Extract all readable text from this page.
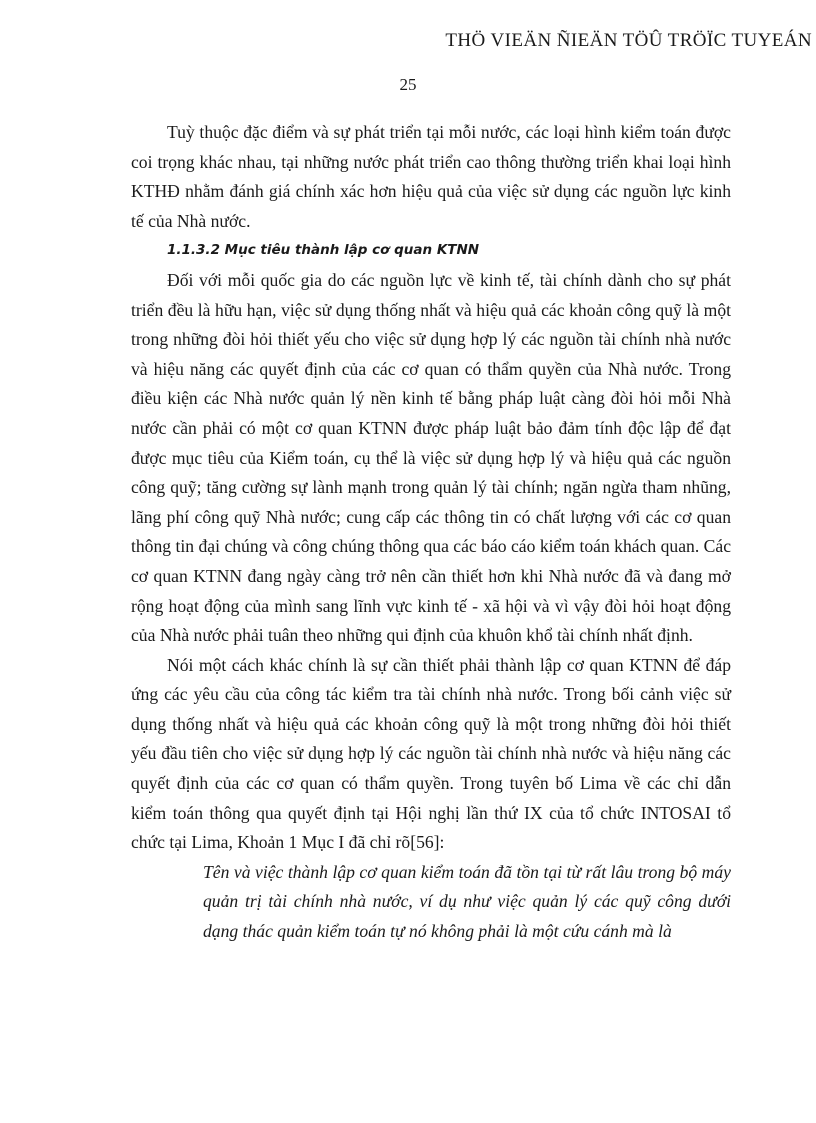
THÖ VIEÄN ÑIEÄN TÖÛ TRÖÏC TUYEÁN
25

Tuỳ thuộc đặc điểm và sự phát triển tại mỗi nước, các loại hình kiểm toán được coi trọng khác nhau, tại những nước phát triển cao thông thường triển khai loại hình KTHĐ nhằm đánh giá chính xác hơn hiệu quả của việc sử dụng các nguồn lực kinh tế của Nhà nước.

1.1.3.2 Mục tiêu thành lập cơ quan KTNN

Đối với mỗi quốc gia do các nguồn lực về kinh tế, tài chính dành cho sự phát triển đều là hữu hạn, việc sử dụng thống nhất và hiệu quả các khoản công quỹ là một trong những đòi hỏi thiết yếu cho việc sử dụng hợp lý các nguồn tài chính nhà nước và hiệu năng các quyết định của các cơ quan có thẩm quyền của Nhà nước. Trong điều kiện các Nhà nước quản lý nền kinh tế bằng pháp luật càng đòi hỏi mỗi Nhà nước cần phải có một cơ quan KTNN được pháp luật bảo đảm tính độc lập để đạt được mục tiêu của Kiểm toán, cụ thể là việc sử dụng hợp lý và hiệu quả các nguồn công quỹ; tăng cường sự lành mạnh trong quản lý tài chính; ngăn ngừa tham nhũng, lãng phí công quỹ Nhà nước; cung cấp các thông tin có chất lượng với các cơ quan thông tin đại chúng và công chúng thông qua các báo cáo kiểm toán khách quan. Các cơ quan KTNN đang ngày càng trở nên cần thiết hơn khi Nhà nước đã và đang mở rộng hoạt động của mình sang lĩnh vực kinh tế - xã hội và vì vậy đòi hỏi hoạt động của Nhà nước phải tuân theo những qui định của khuôn khổ tài chính nhất định.

Nói một cách khác chính là sự cần thiết phải thành lập cơ quan KTNN để đáp ứng các yêu cầu của công tác kiểm tra tài chính nhà nước. Trong bối cảnh việc sử dụng thống nhất và hiệu quả các khoản công quỹ là một trong những đòi hỏi thiết yếu đầu tiên cho việc sử dụng hợp lý các nguồn tài chính nhà nước và hiệu năng các quyết định của các cơ quan có thẩm quyền. Trong tuyên bố Lima về các chỉ dẫn kiểm toán thông qua quyết định tại Hội nghị lần thứ IX của tổ chức INTOSAI tổ chức tại Lima, Khoản 1 Mục I đã chỉ rõ[56]:

Tên và việc thành lập cơ quan kiểm toán đã tồn tại từ rất lâu trong bộ máy quản trị tài chính nhà nước, ví dụ như việc quản lý các quỹ công dưới dạng thác quản kiểm toán tự nó không phải là một cứu cánh mà là
